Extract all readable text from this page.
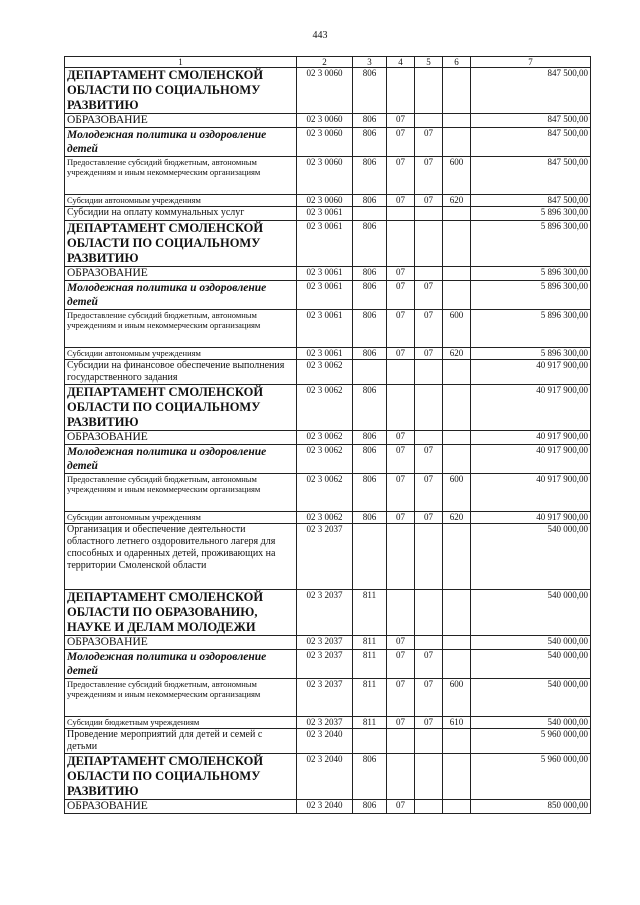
443
1	2	3	4	5	6	7
ДЕПАРТАМЕНТ СМОЛЕНСКОЙ ОБЛАСТИ ПО СОЦИАЛЬНОМУ РАЗВИТИЮ	02 3 0060	806				847 500,00
ОБРАЗОВАНИЕ	02 3 0060	806	07			847 500,00
Молодежная политика и оздоровление детей	02 3 0060	806	07	07		847 500,00
Предоставление субсидий бюджетным, автономным учреждениям и иным некоммерческим организациям	02 3 0060	806	07	07	600	847 500,00
Субсидии автономным учреждениям	02 3 0060	806	07	07	620	847 500,00
Субсидии на оплату коммунальных услуг	02 3 0061					5 896 300,00
ДЕПАРТАМЕНТ СМОЛЕНСКОЙ ОБЛАСТИ ПО СОЦИАЛЬНОМУ РАЗВИТИЮ	02 3 0061	806				5 896 300,00
ОБРАЗОВАНИЕ	02 3 0061	806	07			5 896 300,00
Молодежная политика и оздоровление детей	02 3 0061	806	07	07		5 896 300,00
Предоставление субсидий бюджетным, автономным учреждениям и иным некоммерческим организациям	02 3 0061	806	07	07	600	5 896 300,00
Субсидии автономным учреждениям	02 3 0061	806	07	07	620	5 896 300,00
Субсидии на финансовое обеспечение выполнения государственного задания	02 3 0062					40 917 900,00
ДЕПАРТАМЕНТ СМОЛЕНСКОЙ ОБЛАСТИ ПО СОЦИАЛЬНОМУ РАЗВИТИЮ	02 3 0062	806				40 917 900,00
ОБРАЗОВАНИЕ	02 3 0062	806	07			40 917 900,00
Молодежная политика и оздоровление детей	02 3 0062	806	07	07		40 917 900,00
Предоставление субсидий бюджетным, автономным учреждениям и иным некоммерческим организациям	02 3 0062	806	07	07	600	40 917 900,00
Субсидии автономным учреждениям	02 3 0062	806	07	07	620	40 917 900,00
Организация и обеспечение деятельности областного летнего оздоровительного лагеря для способных и одаренных детей, проживающих на территории Смоленской области	02 3 2037					540 000,00
ДЕПАРТАМЕНТ СМОЛЕНСКОЙ ОБЛАСТИ ПО ОБРАЗОВАНИЮ, НАУКЕ И ДЕЛАМ МОЛОДЕЖИ	02 3 2037	811				540 000,00
ОБРАЗОВАНИЕ	02 3 2037	811	07			540 000,00
Молодежная политика и оздоровление детей	02 3 2037	811	07	07		540 000,00
Предоставление субсидий бюджетным, автономным учреждениям и иным некоммерческим организациям	02 3 2037	811	07	07	600	540 000,00
Субсидии бюджетным учреждениям	02 3 2037	811	07	07	610	540 000,00
Проведение мероприятий для детей и семей с детьми	02 3 2040					5 960 000,00
ДЕПАРТАМЕНТ СМОЛЕНСКОЙ ОБЛАСТИ ПО СОЦИАЛЬНОМУ РАЗВИТИЮ	02 3 2040	806				5 960 000,00
ОБРАЗОВАНИЕ	02 3 2040	806	07			850 000,00
